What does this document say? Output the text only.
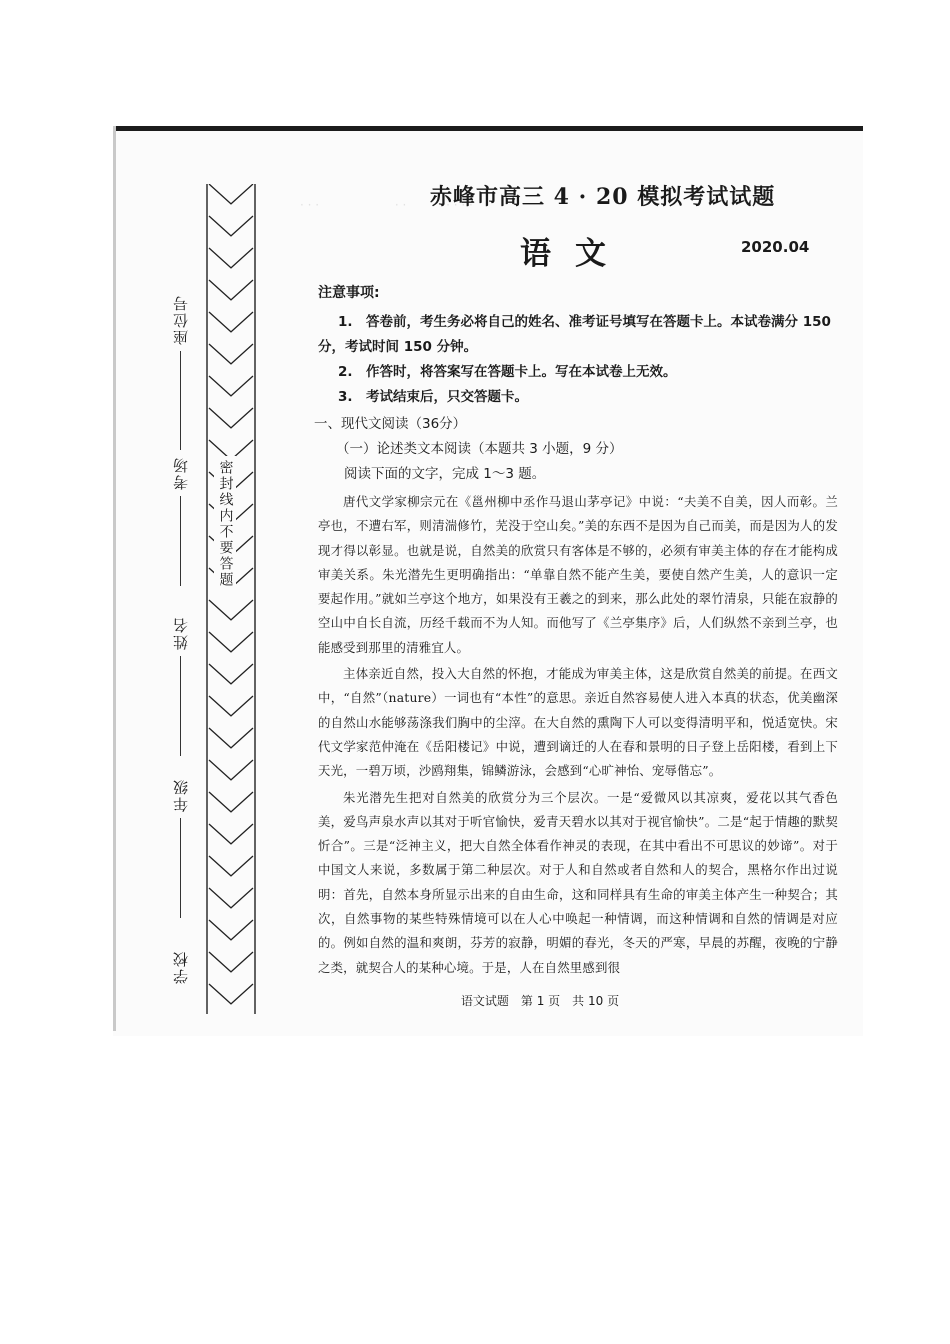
· · ·　　　　　　 · ·　　　 · · · ·　　
密
封
线
内
不
要
答
题
座位号
考场
姓名
年级
学校
赤峰市高三 4 · 20 模拟考试试题
语文	2020.04
注意事项:

1.　答卷前，考生务必将自己的姓名、准考证号填写在答题卡上。本试卷满分 150 分，考试时间 150 分钟。

2.　作答时，将答案写在答题卡上。写在本试卷上无效。

3.　考试结束后，只交答题卡。

一、现代文阅读（36分）
（一）论述类文本阅读（本题共 3 小题，9 分）
阅读下面的文字，完成 1～3 题。

唐代文学家柳宗元在《邕州柳中丞作马退山茅亭记》中说：“夫美不自美，因人而彰。兰亭也，不遭右军，则清湍修竹，芜没于空山矣。”美的东西不是因为自己而美，而是因为人的发现才得以彰显。也就是说，自然美的欣赏只有客体是不够的，必须有审美主体的存在才能构成审美关系。朱光潜先生更明确指出：“单靠自然不能产生美，要使自然产生美，人的意识一定要起作用。”就如兰亭这个地方，如果没有王羲之的到来，那么此处的翠竹清泉，只能在寂静的空山中自长自流，历经千载而不为人知。而他写了《兰亭集序》后，人们纵然不亲到兰亭，也能感受到那里的清雅宜人。

主体亲近自然，投入大自然的怀抱，才能成为审美主体，这是欣赏自然美的前提。在西文中，“自然”（nature）一词也有“本性”的意思。亲近自然容易使人进入本真的状态，优美幽深的自然山水能够荡涤我们胸中的尘滓。在大自然的熏陶下人可以变得清明平和，悦适宽快。宋代文学家范仲淹在《岳阳楼记》中说，遭到谪迁的人在春和景明的日子登上岳阳楼，看到上下天光，一碧万顷，沙鸥翔集，锦鳞游泳，会感到“心旷神怡、宠辱偕忘”。

朱光潜先生把对自然美的欣赏分为三个层次。一是“爱微风以其凉爽，爱花以其气香色美，爱鸟声泉水声以其对于听官愉快，爱青天碧水以其对于视官愉快”。二是“起于情趣的默契忻合”。三是“泛神主义，把大自然全体看作神灵的表现，在其中看出不可思议的妙谛”。对于中国文人来说，多数属于第二种层次。对于人和自然或者自然和人的契合，黑格尔作出过说明：首先，自然本身所显示出来的自由生命，这和同样具有生命的审美主体产生一种契合；其次，自然事物的某些特殊情境可以在人心中唤起一种情调，而这种情调和自然的情调是对应的。例如自然的温和爽朗，芬芳的寂静，明媚的春光，冬天的严寒，早晨的苏醒，夜晚的宁静之类，就契合人的某种心境。于是，人在自然里感到很

语文试题　第 1 页　共 10 页
